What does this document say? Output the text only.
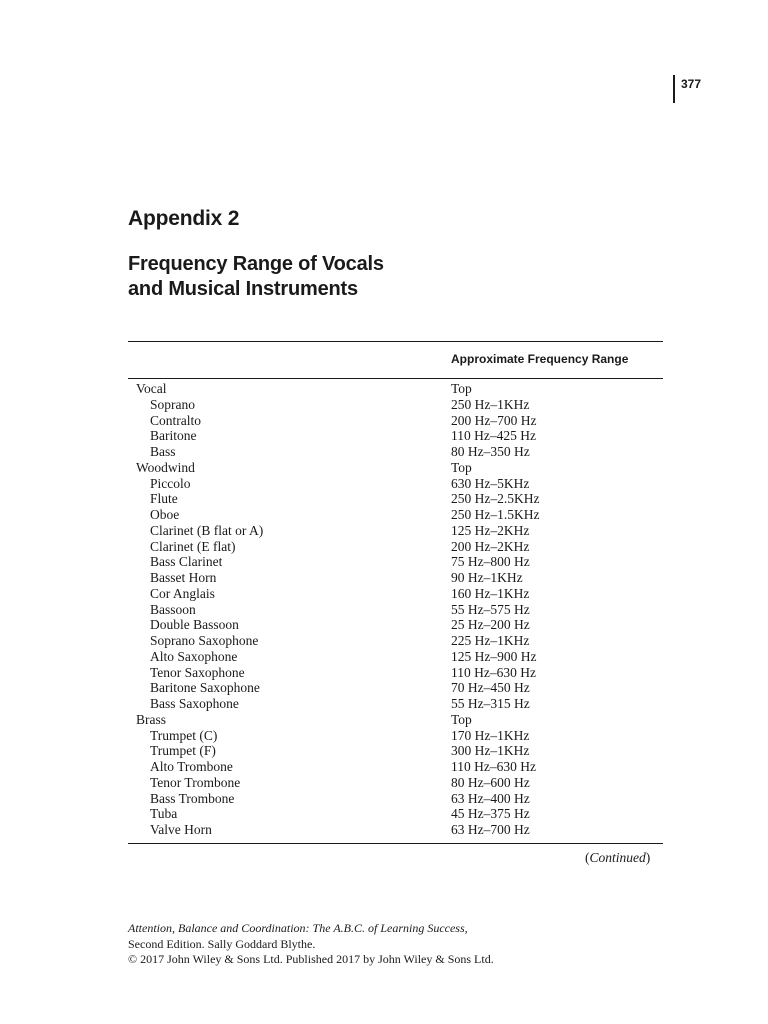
377
Appendix 2
Frequency Range of Vocals
and Musical Instruments
Approximate Frequency Range
Vocal	Top
Soprano	250 Hz–1KHz
Contralto	200 Hz–700 Hz
Baritone	110 Hz–425 Hz
Bass	80 Hz–350 Hz
Woodwind	Top
Piccolo	630 Hz–5KHz
Flute	250 Hz–2.5KHz
Oboe	250 Hz–1.5KHz
Clarinet (B flat or A)	125 Hz–2KHz
Clarinet (E flat)	200 Hz–2KHz
Bass Clarinet	75 Hz–800 Hz
Basset Horn	90 Hz–1KHz
Cor Anglais	160 Hz–1KHz
Bassoon	55 Hz–575 Hz
Double Bassoon	25 Hz–200 Hz
Soprano Saxophone	225 Hz–1KHz
Alto Saxophone	125 Hz–900 Hz
Tenor Saxophone	110 Hz–630 Hz
Baritone Saxophone	70 Hz–450 Hz
Bass Saxophone	55 Hz–315 Hz
Brass	Top
Trumpet (C)	170 Hz–1KHz
Trumpet (F)	300 Hz–1KHz
Alto Trombone	110 Hz–630 Hz
Tenor Trombone	80 Hz–600 Hz
Bass Trombone	63 Hz–400 Hz
Tuba	45 Hz–375 Hz
Valve Horn	63 Hz–700 Hz
(Continued)
Attention, Balance and Coordination: The A.B.C. of Learning Success,
Second Edition. Sally Goddard Blythe.
© 2017 John Wiley & Sons Ltd. Published 2017 by John Wiley & Sons Ltd.
